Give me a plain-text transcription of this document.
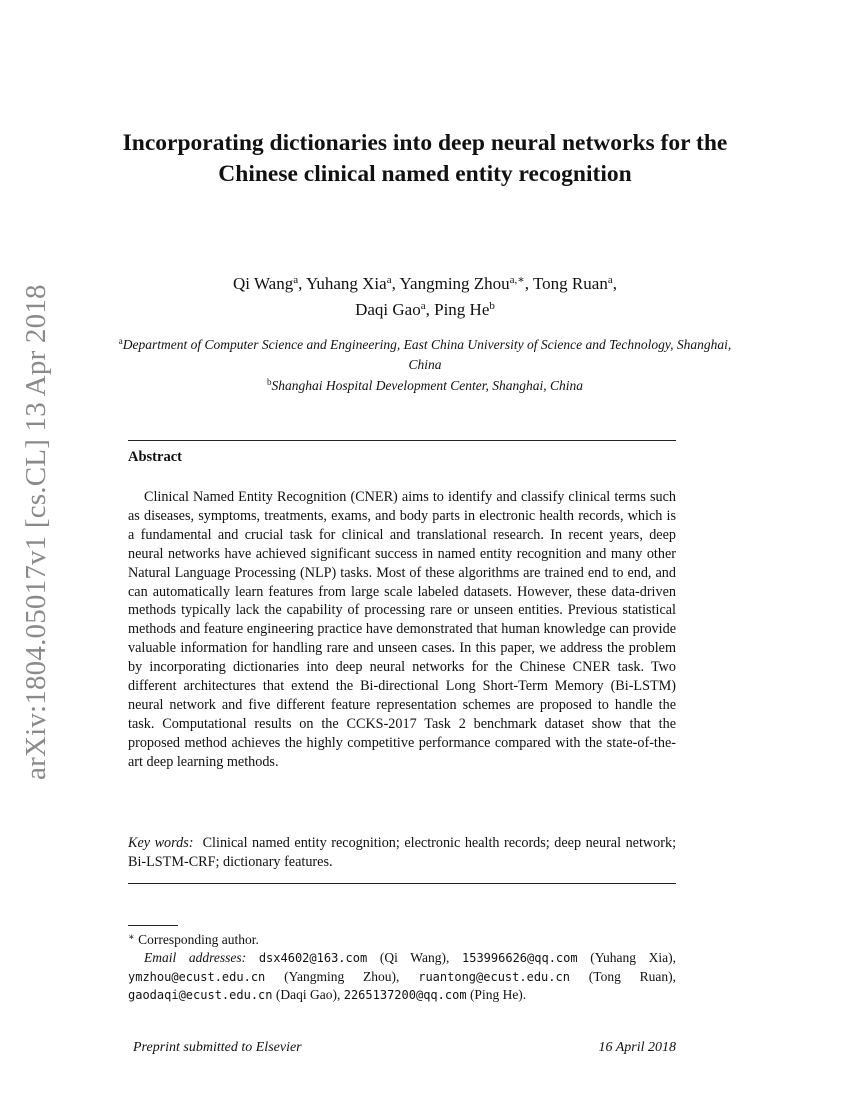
arXiv:1804.05017v1 [cs.CL] 13 Apr 2018
Incorporating dictionaries into deep neural networks for the Chinese clinical named entity recognition
Qi Wang$^a$, Yuhang Xia$^a$, Yangming Zhou$^{a,∗}$, Tong Ruan$^a$,
Daqi Gao$^a$, Ping He$^b$
$^a$Department of Computer Science and Engineering, East China University of Science and Technology, Shanghai, China
$^b$Shanghai Hospital Development Center, Shanghai, China
Abstract
Clinical Named Entity Recognition (CNER) aims to identify and classify clinical terms such as diseases, symptoms, treatments, exams, and body parts in electronic health records, which is a fundamental and crucial task for clinical and translational research. In recent years, deep neural networks have achieved significant success in named entity recognition and many other Natural Language Processing (NLP) tasks. Most of these algorithms are trained end to end, and can automatically learn features from large scale labeled datasets. However, these data-driven methods typically lack the capability of processing rare or unseen entities. Previous statistical methods and feature engineering practice have demonstrated that human knowledge can provide valuable information for handling rare and unseen cases. In this paper, we address the problem by incorporating dictionaries into deep neural networks for the Chinese CNER task. Two different architectures that extend the Bi-directional Long Short-Term Memory (Bi-LSTM) neural network and five different feature representation schemes are proposed to handle the task. Computational results on the CCKS-2017 Task 2 benchmark dataset show that the proposed method achieves the highly competitive performance compared with the state-of-the-art deep learning methods.
Key words: Clinical named entity recognition; electronic health records; deep neural network; Bi-LSTM-CRF; dictionary features.
∗ Corresponding author.
Email addresses: dsx4602@163.com (Qi Wang), 153996626@qq.com (Yuhang Xia), ymzhou@ecust.edu.cn (Yangming Zhou), ruantong@ecust.edu.cn (Tong Ruan), gaodaqi@ecust.edu.cn (Daqi Gao), 2265137200@qq.com (Ping He).
Preprint submitted to Elsevier	16 April 2018
